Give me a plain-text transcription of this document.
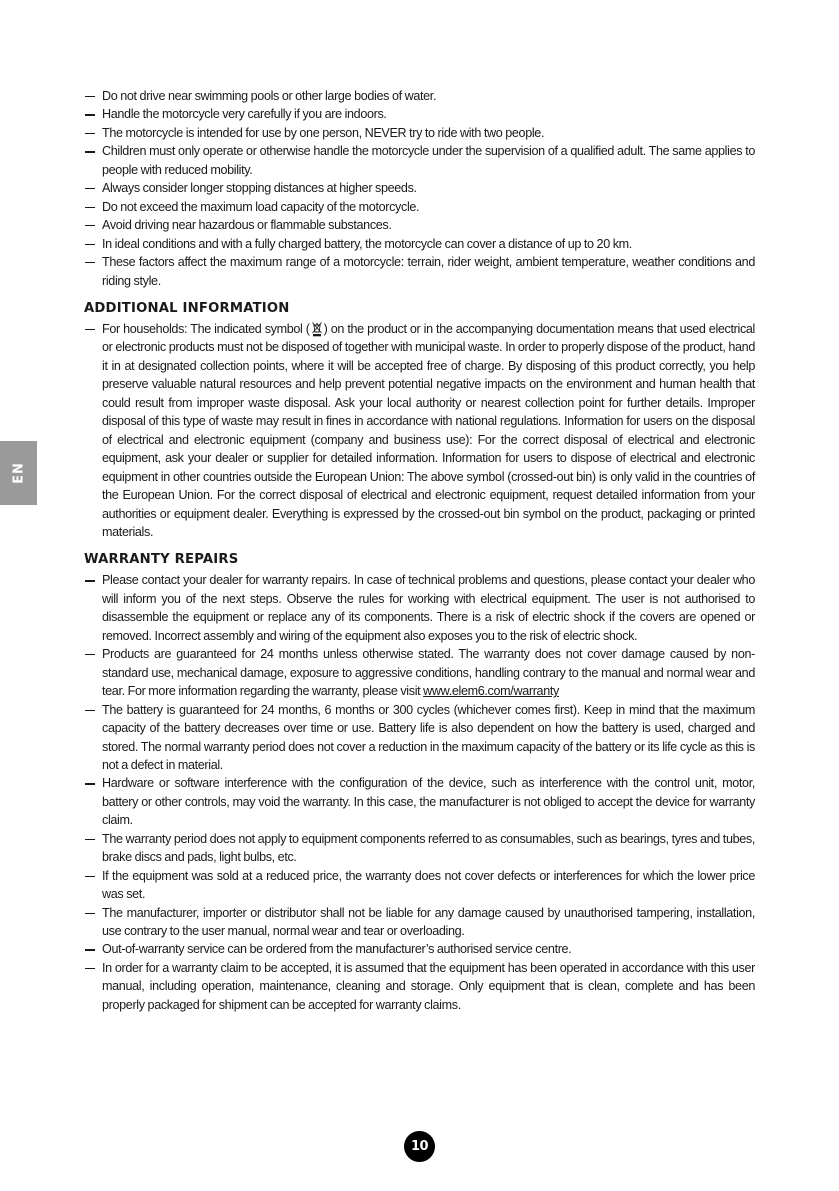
EN
Do not drive near swimming pools or other large bodies of water.
Handle the motorcycle very carefully if you are indoors.
The motorcycle is intended for use by one person, NEVER try to ride with two people.
Children must only operate or otherwise handle the motorcycle under the supervision of a qualified adult. The same applies to people with reduced mobility.
Always consider longer stopping distances at higher speeds.
Do not exceed the maximum load capacity of the motorcycle.
Avoid driving near hazardous or flammable substances.
In ideal conditions and with a fully charged battery, the motorcycle can cover a distance of up to 20 km.
These factors affect the maximum range of a motorcycle: terrain, rider weight, ambient temperature, weather conditions and riding style.
ADDITIONAL INFORMATION
For households: The indicated symbol ( ) on the product or in the accompanying documentation means that used electrical or electronic products must not be disposed of together with municipal waste. In order to properly dispose of the product, hand it in at designated collection points, where it will be accepted free of charge. By disposing of this product correctly, you help preserve valuable natural resources and help prevent potential negative impacts on the environment and human health that could result from improper waste disposal. Ask your local authority or nearest collection point for further details. Improper disposal of this type of waste may result in fines in accordance with national regulations. Information for users on the disposal of electrical and electronic equipment (company and business use): For the correct disposal of electrical and electronic equipment, ask your dealer or supplier for detailed information. Information for users to dispose of electrical and electronic equipment in other countries outside the European Union: The above symbol (crossed-out bin) is only valid in the countries of the European Union. For the correct disposal of electrical and electronic equipment, request detailed information from your authorities or equipment dealer. Everything is expressed by the crossed-out bin symbol on the product, packaging or printed materials.
WARRANTY REPAIRS
Please contact your dealer for warranty repairs. In case of technical problems and questions, please contact your dealer who will inform you of the next steps. Observe the rules for working with electrical equipment. The user is not authorised to disassemble the equipment or replace any of its components. There is a risk of electric shock if the covers are opened or removed. Incorrect assembly and wiring of the equipment also exposes you to the risk of electric shock.
Products are guaranteed for 24 months unless otherwise stated. The warranty does not cover damage caused by non-standard use, mechanical damage, exposure to aggressive conditions, handling contrary to the manual and normal wear and tear. For more information regarding the warranty, please visit www.elem6.com/warranty
The battery is guaranteed for 24 months, 6 months or 300 cycles (whichever comes first). Keep in mind that the maximum capacity of the battery decreases over time or use. Battery life is also dependent on how the battery is used, charged and stored. The normal warranty period does not cover a reduction in the maximum capacity of the battery or its life cycle as this is not a defect in material.
Hardware or software interference with the configuration of the device, such as interference with the control unit, motor, battery or other controls, may void the warranty. In this case, the manufacturer is not obliged to accept the device for warranty claim.
The warranty period does not apply to equipment components referred to as consumables, such as bearings, tyres and tubes, brake discs and pads, light bulbs, etc.
If the equipment was sold at a reduced price, the warranty does not cover defects or interferences for which the lower price was set.
The manufacturer, importer or distributor shall not be liable for any damage caused by unauthorised tampering, installation, use contrary to the user manual, normal wear and tear or overloading.
Out-of-warranty service can be ordered from the manufacturer’s authorised service centre.
In order for a warranty claim to be accepted, it is assumed that the equipment has been operated in accordance with this user manual, including operation, maintenance, cleaning and storage. Only equipment that is clean, complete and has been properly packaged for shipment can be accepted for warranty claims.
10
